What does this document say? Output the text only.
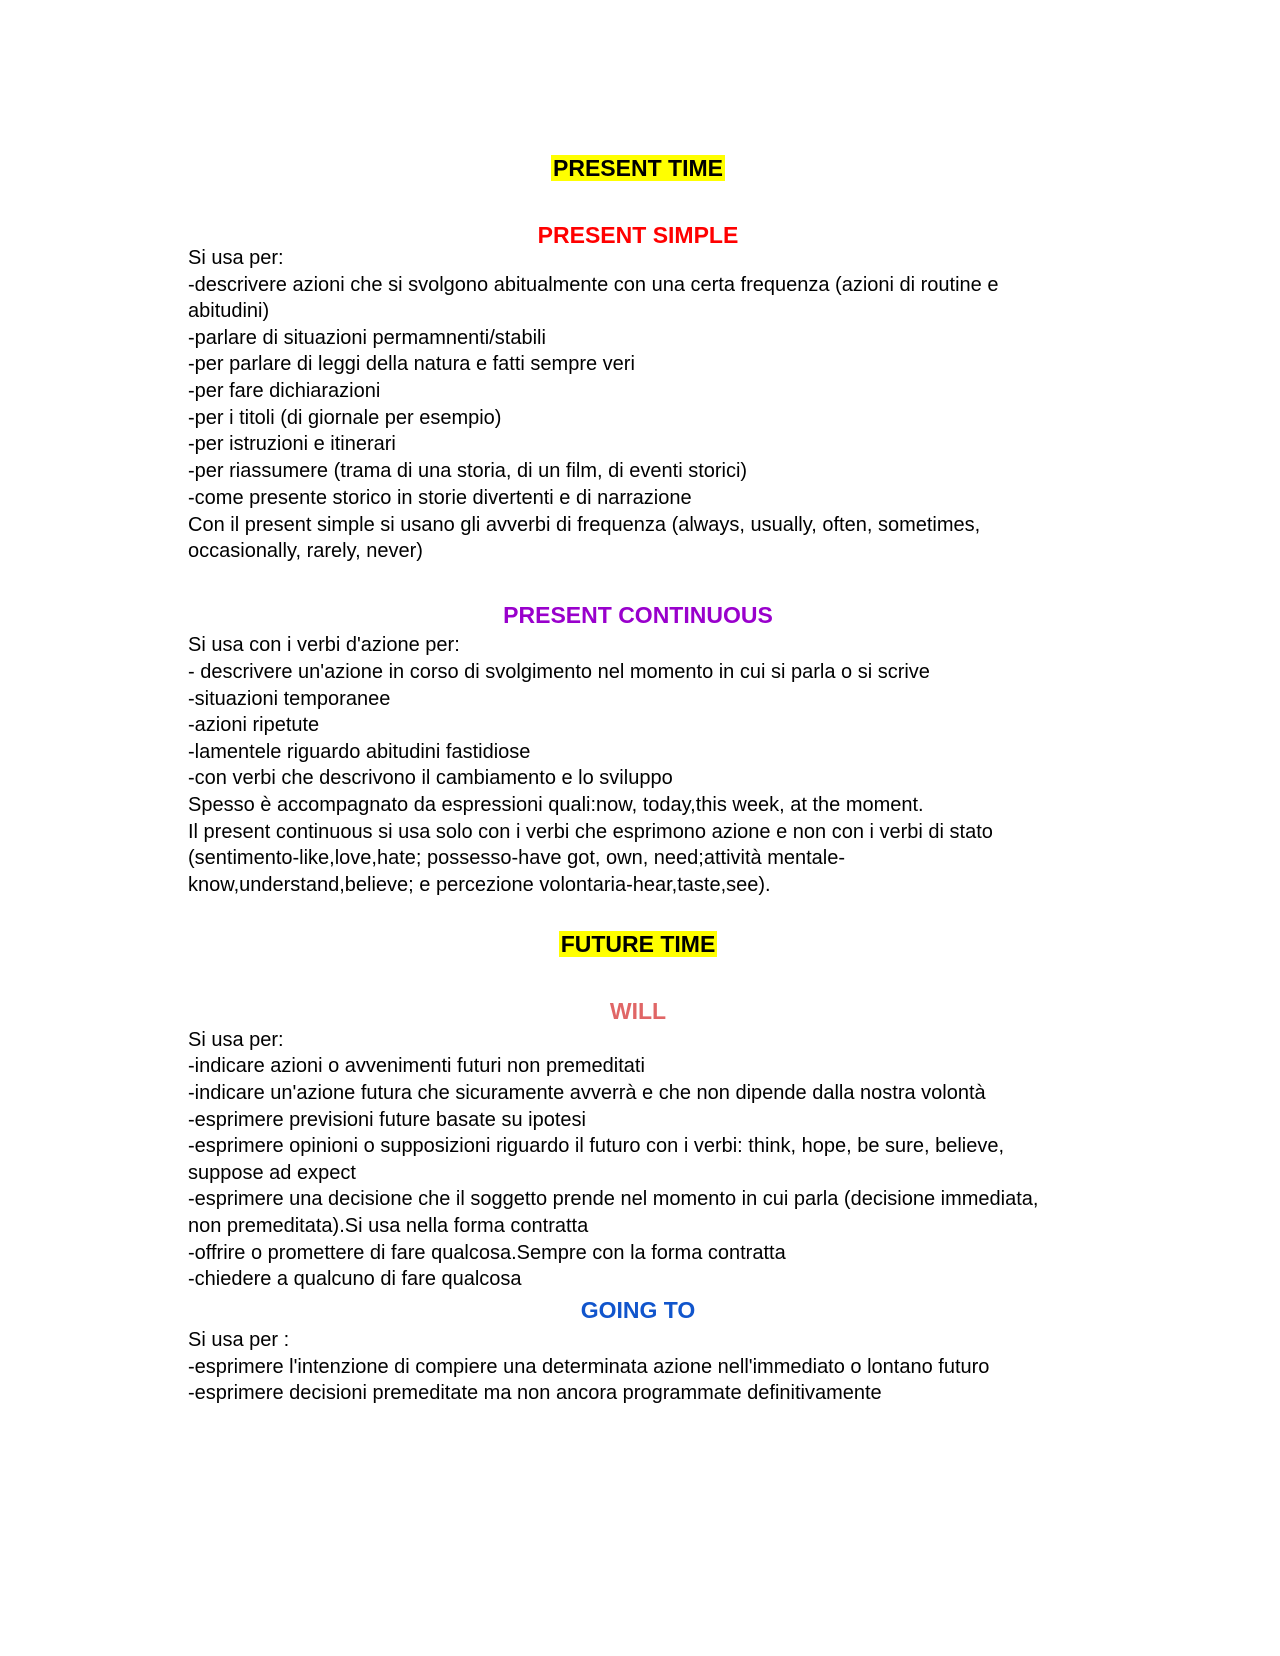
PRESENT TIME
PRESENT SIMPLE
Si usa per:
-descrivere azioni che si svolgono abitualmente con una certa frequenza (azioni di routine e
abitudini)
-parlare di situazioni permamnenti/stabili
-per parlare di leggi della natura e fatti sempre veri
-per fare dichiarazioni
-per i titoli (di giornale per esempio)
-per istruzioni e itinerari
-per riassumere (trama di una storia, di un film, di eventi storici)
-come presente storico in storie divertenti e di narrazione
Con il present simple si usano gli avverbi di frequenza (always, usually, often, sometimes,
occasionally, rarely, never)
PRESENT CONTINUOUS
Si usa con i verbi d'azione per:
- descrivere un'azione in corso di svolgimento nel momento in cui si parla o si scrive
-situazioni temporanee
-azioni ripetute
-lamentele riguardo abitudini fastidiose
-con verbi che descrivono il cambiamento e lo sviluppo
Spesso è accompagnato da espressioni quali:now, today,this week, at the moment.
Il present continuous si usa solo con i verbi che esprimono azione e non con i verbi di stato
(sentimento-like,love,hate; possesso-have got, own, need;attività mentale-
know,understand,believe; e percezione volontaria-hear,taste,see).
FUTURE TIME
WILL
Si usa per:
-indicare azioni o avvenimenti futuri non premeditati
-indicare un'azione futura che sicuramente avverrà e che non dipende dalla nostra volontà
-esprimere previsioni future basate su ipotesi
-esprimere opinioni o supposizioni riguardo il futuro con i verbi: think, hope, be sure, believe,
suppose ad expect
-esprimere una decisione che il soggetto prende nel momento in cui parla (decisione immediata,
non premeditata).Si usa nella forma contratta
-offrire o promettere di fare qualcosa.Sempre con la forma contratta
-chiedere a qualcuno di fare qualcosa
GOING TO
Si usa per :
-esprimere l'intenzione di compiere una determinata azione nell'immediato o lontano futuro
-esprimere decisioni premeditate ma non ancora programmate definitivamente
